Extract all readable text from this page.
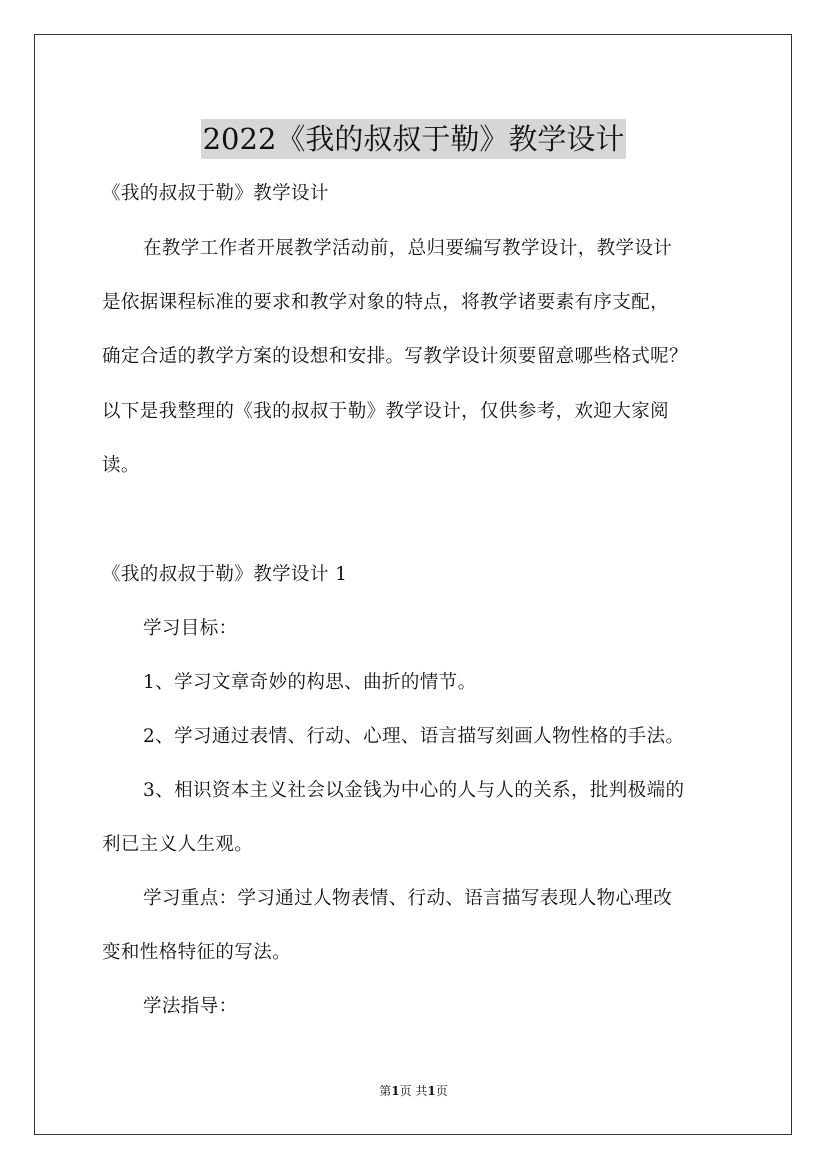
2022《我的叔叔于勒》教学设计
《我的叔叔于勒》教学设计
在教学工作者开展教学活动前，总归要编写教学设计，教学设计
是依据课程标准的要求和教学对象的特点，将教学诸要素有序支配，
确定合适的教学方案的设想和安排。写教学设计须要留意哪些格式呢？
以下是我整理的《我的叔叔于勒》教学设计，仅供参考，欢迎大家阅
读。
《我的叔叔于勒》教学设计 1
学习目标：
1、学习文章奇妙的构思、曲折的情节。
2、学习通过表情、行动、心理、语言描写刻画人物性格的手法。
3、相识资本主义社会以金钱为中心的人与人的关系，批判极端的
利已主义人生观。
学习重点：学习通过人物表情、行动、语言描写表现人物心理改
变和性格特征的写法。
学法指导：
第1页 共1页
